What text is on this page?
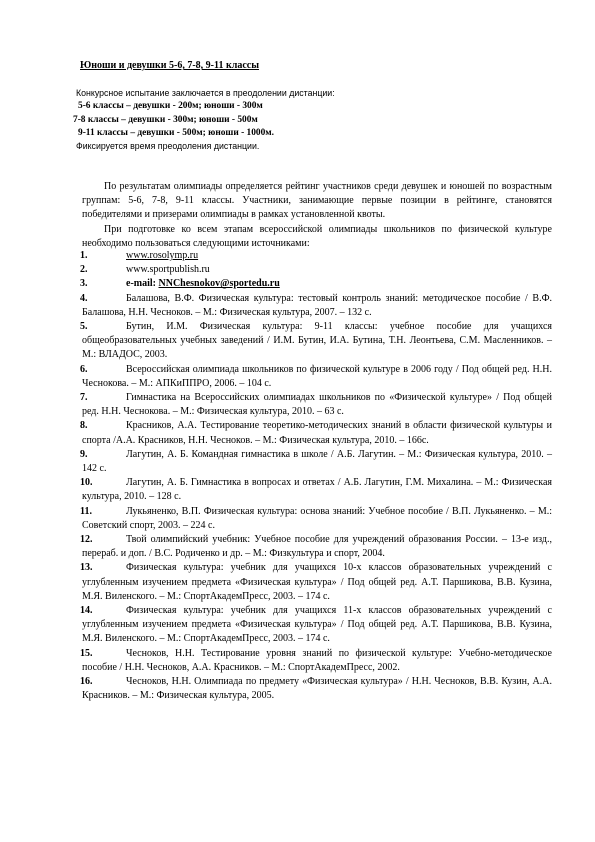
Юноши и девушки 5-6, 7-8, 9-11 классы
Конкурсное испытание заключается в преодолении дистанции:
5-6 классы – девушки - 200м; юноши - 300м
7-8 классы – девушки - 300м; юноши - 500м
9-11 классы – девушки - 500м; юноши - 1000м.
Фиксируется время преодоления дистанции.

По результатам олимпиады определяется рейтинг участников среди девушек и юношей по возрастным группам: 5-6, 7-8, 9-11 классы. Участники, занимающие первые позиции в рейтинге, становятся победителями и призерами олимпиады в рамках установленной квоты.

При подготовке ко всем этапам всероссийской олимпиады школьников по физической культуре необходимо пользоваться следующими источниками:

1.	www.rosolymp.ru

2.	www.sportpublish.ru

3.	e-mail: NNChesnokov@sportedu.ru

4.	Балашова, В.Ф. Физическая культура: тестовый контроль знаний: методическое пособие / В.Ф. Балашова, Н.Н. Чесноков. – М.: Физическая культура, 2007. – 132 с.

5.	Бутин, И.М. Физическая культура: 9-11 классы: учебное пособие для учащихся общеобразовательных учебных заведений / И.М. Бутин, И.А. Бутина, Т.Н. Леонтьева, С.М. Масленников. – М.: ВЛАДОС, 2003.

6.	Всероссийская олимпиада школьников по физической культуре в 2006 году / Под общей ред. Н.Н. Чеснокова. – М.: АПКиППРО, 2006. – 104 с.

7.	Гимнастика на Всероссийских олимпиадах школьников по «Физической культуре» / Под общей ред. Н.Н. Чеснокова. – М.: Физическая культура, 2010. – 63 с.

8.	Красников, А.А. Тестирование теоретико-методических знаний в области физической культуры и спорта /А.А. Красников, Н.Н. Чесноков. – М.: Физическая культура, 2010. – 166с.

9.	Лагутин, А. Б. Командная гимнастика в школе / А.Б. Лагутин. – М.: Физическая культура, 2010. – 142 с.

10.	Лагутин, А. Б. Гимнастика в вопросах и ответах / А.Б. Лагутин, Г.М. Михалина. – М.: Физическая культура, 2010. – 128 с.

11.	Лукьяненко, В.П. Физическая культура: основа знаний: Учебное пособие / В.П. Лукьяненко. – М.: Советский спорт, 2003. – 224 с.

12.	Твой олимпийский учебник: Учебное пособие для учреждений образования России. – 13-е изд., перераб. и доп. / В.С. Родиченко и др. – М.: Физкультура и спорт, 2004.

13.	Физическая культура: учебник для учащихся 10-х классов образовательных учреждений с углубленным изучением предмета «Физическая культура» / Под общей ред. А.Т. Паршикова, В.В. Кузина, М.Я. Виленского. – М.: СпортАкадемПресс, 2003. – 174 с.

14.	Физическая культура: учебник для учащихся 11-х классов образовательных учреждений с углубленным изучением предмета «Физическая культура» / Под общей ред. А.Т. Паршикова, В.В. Кузина, М.Я. Виленского. – М.: СпортАкадемПресс, 2003. – 174 с.

15.	Чесноков, Н.Н. Тестирование уровня знаний по физической культуре: Учебно-методическое пособие / Н.Н. Чесноков, А.А. Красников. – М.: СпортАкадемПресс, 2002.

16.	Чесноков, Н.Н. Олимпиада по предмету «Физическая культура» / Н.Н. Чесноков, В.В. Кузин, А.А. Красников. – М.: Физическая культура, 2005.
